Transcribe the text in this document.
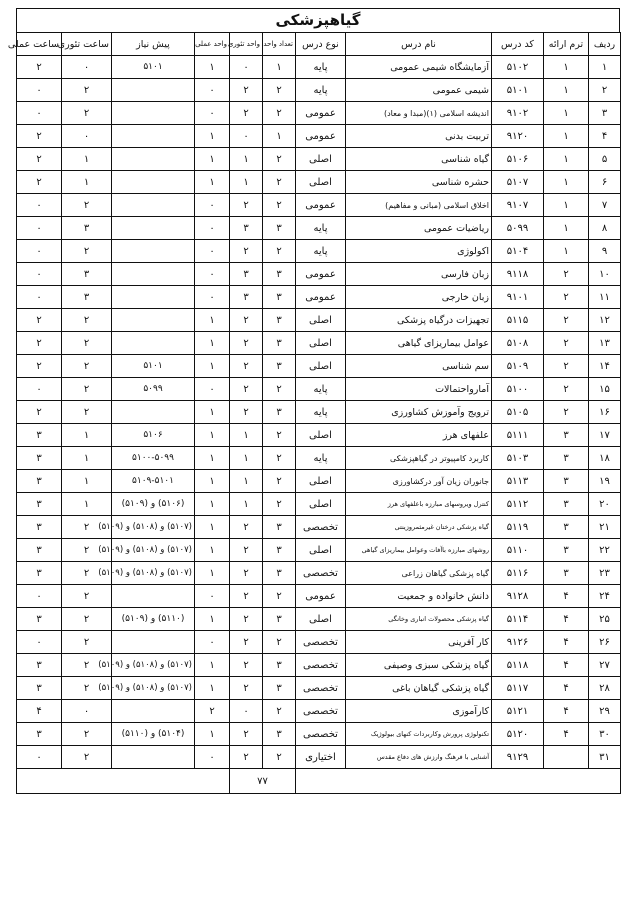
گیاهپزشکی
ردیف	ترم ارائه	کد درس	نام درس	نوع درس	تعداد واحد	واحد تئوری	واحد عملی	پیش نیاز	ساعت تئوری	ساعت عملی
۱	۱	۵۱۰۲	آزمایشگاه شیمی عمومی	پایه	۱	۰	۱	۵۱۰۱	۰	۲
۲	۱	۵۱۰۱	شیمی عمومی	پایه	۲	۲	۰		۲	۰
۳	۱	۹۱۰۲	اندیشه اسلامی (۱)(مبدا و معاد)	عمومی	۲	۲	۰		۲	۰
۴	۱	۹۱۲۰	تربیت بدنی	عمومی	۱	۰	۱		۰	۲
۵	۱	۵۱۰۶	گیاه شناسی	اصلی	۲	۱	۱		۱	۲
۶	۱	۵۱۰۷	حشره شناسی	اصلی	۲	۱	۱		۱	۲
۷	۱	۹۱۰۷	اخلاق اسلامی (مبانی و مفاهیم)	عمومی	۲	۲	۰		۲	۰
۸	۱	۵۰۹۹	ریاضیات عمومی	پایه	۳	۳	۰		۳	۰
۹	۱	۵۱۰۴	اکولوژی	پایه	۲	۲	۰		۲	۰
۱۰	۲	۹۱۱۸	زبان فارسی	عمومی	۳	۳	۰		۳	۰
۱۱	۲	۹۱۰۱	زبان خارجی	عمومی	۳	۳	۰		۳	۰
۱۲	۲	۵۱۱۵	تجهیزات درگیاه پزشکی	اصلی	۳	۲	۱		۲	۲
۱۳	۲	۵۱۰۸	عوامل بیماریزای گیاهی	اصلی	۳	۲	۱		۲	۲
۱۴	۲	۵۱۰۹	سم شناسی	اصلی	۳	۲	۱	۵۱۰۱	۲	۲
۱۵	۲	۵۱۰۰	آمارواحتمالات	پایه	۲	۲	۰	۵۰۹۹	۲	۰
۱۶	۲	۵۱۰۵	ترویج وآموزش کشاورزی	پایه	۳	۲	۱		۲	۲
۱۷	۳	۵۱۱۱	علفهای هرز	اصلی	۲	۱	۱	۵۱۰۶	۱	۳
۱۸	۳	۵۱۰۳	کاربرد کامپیوتر در گیاهپزشکی	پایه	۲	۱	۱	۵۱۰۰-۵۰۹۹	۱	۳
۱۹	۳	۵۱۱۳	جانوران زیان آور درکشاورزی	اصلی	۲	۱	۱	۵۱۰۹-۵۱۰۱	۱	۳
۲۰	۳	۵۱۱۲	کنترل ویروسهای مبارزه باعلفهای هرز	اصلی	۲	۱	۱	(۵۱۰۶) و (۵۱۰۹)	۱	۳
۲۱	۳	۵۱۱۹	گیاه پزشکی درختان غیرمثمروزینتی	تخصصی	۳	۲	۱	(۵۱۰۷) و (۵۱۰۸) و (۵۱۰۹)	۲	۳
۲۲	۳	۵۱۱۰	روشهای مبارزه باآفات وعوامل بیماریزای گیاهی	اصلی	۳	۲	۱	(۵۱۰۷) و (۵۱۰۸) و (۵۱۰۹)	۲	۳
۲۳	۳	۵۱۱۶	گیاه پزشکی گیاهان زراعی	تخصصی	۳	۲	۱	(۵۱۰۷) و (۵۱۰۸) و (۵۱۰۹)	۲	۳
۲۴	۴	۹۱۲۸	دانش خانواده و جمعیت	عمومی	۲	۲	۰		۲	۰
۲۵	۴	۵۱۱۴	گیاه پزشکی محصولات انباری وخانگی	اصلی	۳	۲	۱	(۵۱۱۰) و (۵۱۰۹)	۲	۳
۲۶	۴	۹۱۲۶	کار آفرینی	تخصصی	۲	۲	۰		۲	۰
۲۷	۴	۵۱۱۸	گیاه پزشکی سبزی وصیفی	تخصصی	۳	۲	۱	(۵۱۰۷) و (۵۱۰۸) و (۵۱۰۹)	۲	۳
۲۸	۴	۵۱۱۷	گیاه پزشکی گیاهان باغی	تخصصی	۳	۲	۱	(۵۱۰۷) و (۵۱۰۸) و (۵۱۰۹)	۲	۳
۲۹	۴	۵۱۲۱	کارآموزی	تخصصی	۲	۰	۲		۰	۴
۳۰	۴	۵۱۲۰	تکنولوژی پرورش وکاربردات کنهای بیولوژیک	تخصصی	۳	۲	۱	(۵۱۰۴) و (۵۱۱۰)	۲	۳
۳۱		۹۱۲۹	آشنایی با فرهنگ وارزش های دفاع مقدس	اختیاری	۲	۲	۰		۲	۰
					۷۷					
